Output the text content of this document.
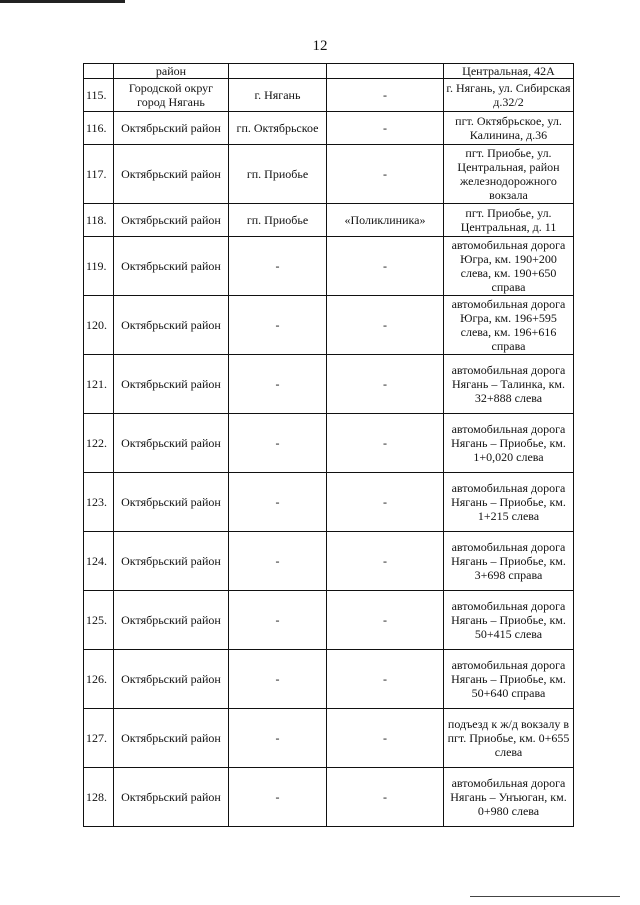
12
	район			Центральная, 42А
115.	Городской округ город Нягань	г. Нягань	-	г. Нягань, ул. Сибирская д.32/2
116.	Октябрьский район	гп. Октябрьское	-	пгт. Октябрьское, ул. Калинина, д.36
117.	Октябрьский район	гп. Приобье	-	пгт. Приобье, ул. Центральная, район железнодорожного вокзала
118.	Октябрьский район	гп. Приобье	«Поликлиника»	пгт. Приобье, ул. Центральная, д. 11
119.	Октябрьский район	-	-	автомобильная дорога Югра, км. 190+200 слева, км. 190+650 справа
120.	Октябрьский район	-	-	автомобильная дорога Югра, км. 196+595 слева, км. 196+616 справа
121.	Октябрьский район	-	-	автомобильная дорога Нягань – Талинка, км. 32+888 слева
122.	Октябрьский район	-	-	автомобильная дорога Нягань – Приобье, км. 1+0,020 слева
123.	Октябрьский район	-	-	автомобильная дорога Нягань – Приобье, км. 1+215 слева
124.	Октябрьский район	-	-	автомобильная дорога Нягань – Приобье, км. 3+698 справа
125.	Октябрьский район	-	-	автомобильная дорога Нягань – Приобье, км. 50+415 слева
126.	Октябрьский район	-	-	автомобильная дорога Нягань – Приобье, км. 50+640 справа
127.	Октябрьский район	-	-	подъезд к ж/д вокзалу в пгт. Приобье, км. 0+655 слева
128.	Октябрьский район	-	-	автомобильная дорога Нягань – Унъюган, км. 0+980 слева
